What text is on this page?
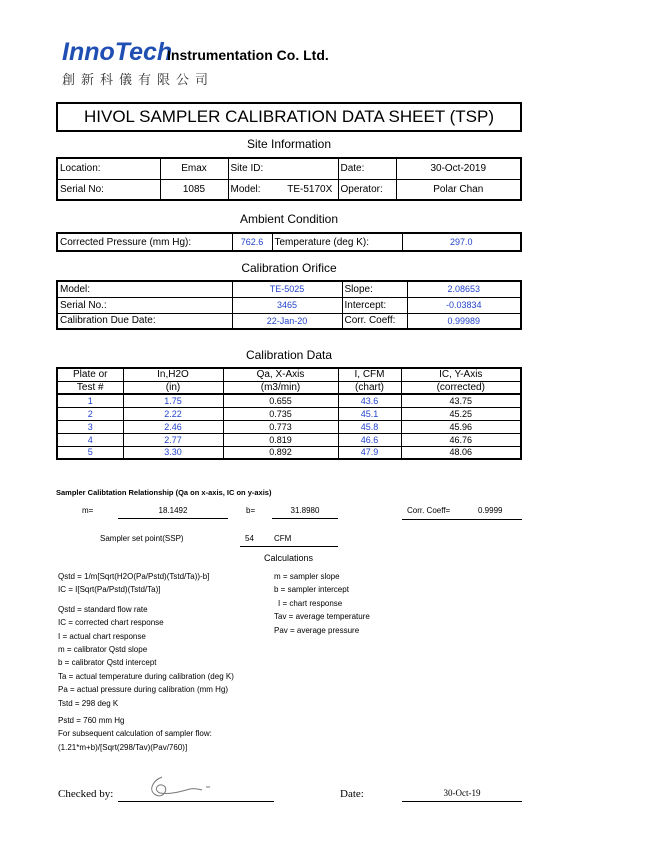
InnoTech
Instrumentation Co. Ltd.
創新科儀有限公司
HIVOL SAMPLER CALIBRATION DATA SHEET (TSP)
Site Information
Location:	Emax	Site ID:		Date:	30-Oct-2019
Serial No:	1085	Model:	TE-5170X	Operator:	Polar Chan
Ambient Condition
Corrected Pressure (mm Hg):	762.6	Temperature (deg K):	297.0
Calibration Orifice
Model:	TE-5025	Slope:	2.08653
Serial No.:	3465	Intercept:	-0.03834
Calibration Due Date:	22-Jan-20	Corr. Coeff:	0.99989
Calibration Data
Plate or	In,H2O	Qa, X-Axis	I, CFM	IC, Y-Axis
Test #	(in)	(m3/min)	(chart)	(corrected)
1	1.75	0.655	43.6	43.75
2	2.22	0.735	45.1	45.25
3	2.46	0.773	45.8	45.96
4	2.77	0.819	46.6	46.76
5	3.30	0.892	47.9	48.06
Sampler Calibtation Relationship (Qa on x-axis, IC on y-axis)
m=	18.1492	b=	31.8980	Corr. Coeff=	0.9999
Sampler set point(SSP)	54	CFM
Calculations
Qstd = 1/m[Sqrt(H2O(Pa/Pstd)(Tstd/Ta))-b]
IC = I[Sqrt(Pa/Pstd)(Tstd/Ta)]
Qstd = standard flow rate
IC = corrected chart response
I = actual chart response
m = calibrator Qstd slope
b = calibrator Qstd intercept
Ta = actual temperature during calibration (deg K)
Pa = actual pressure during calibration (mm Hg)
Tstd = 298 deg K
Pstd = 760 mm Hg
For subsequent calculation of sampler flow:
(1.21*m+b)/[Sqrt(298/Tav)(Pav/760)]
m = sampler slope
b = sampler intercept
I = chart response
Tav = average temperature
Pav = average pressure
Checked by:	Date:	30-Oct-19
